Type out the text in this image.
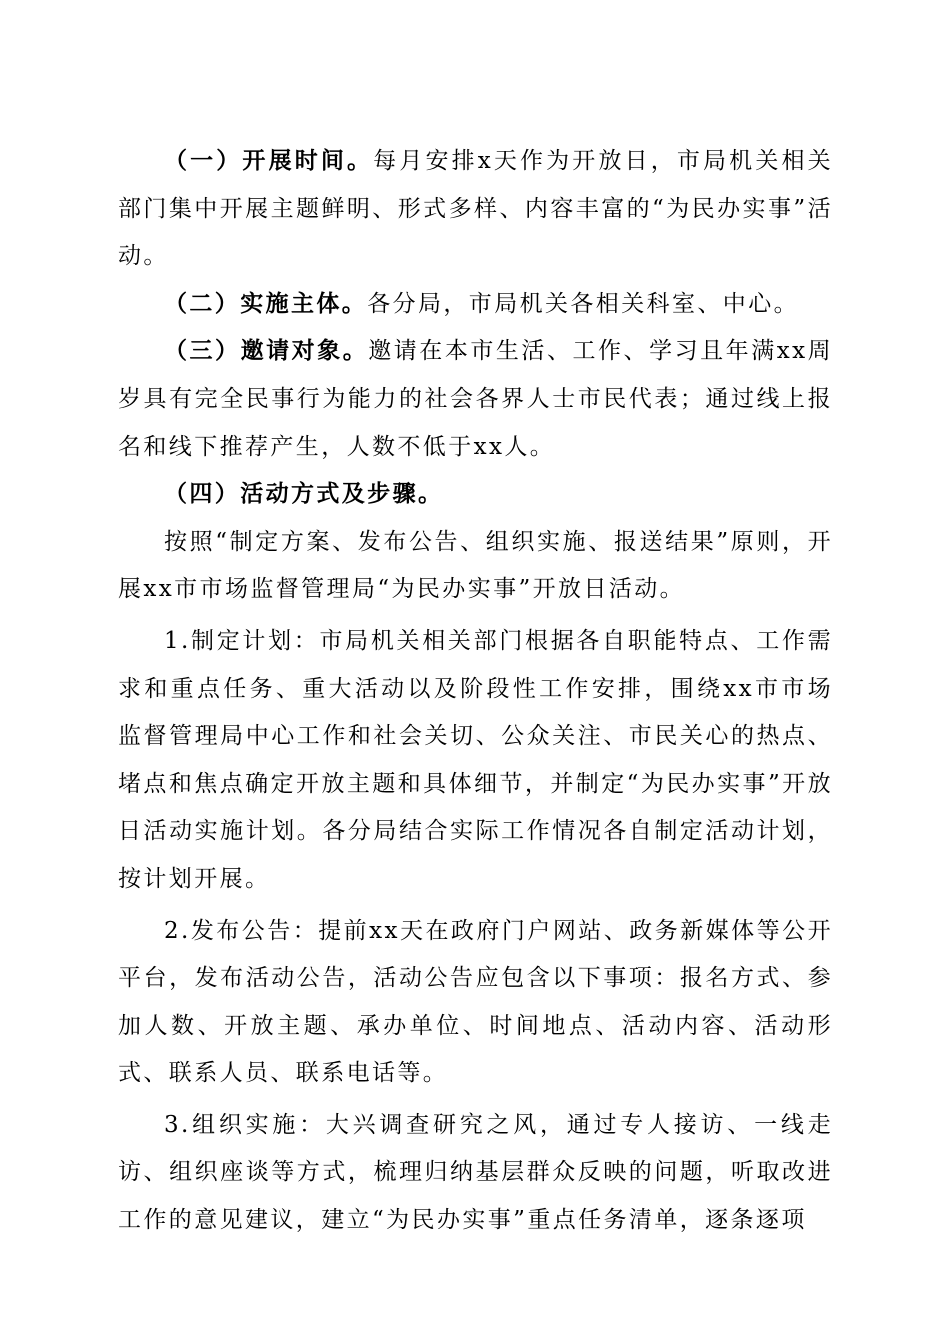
（一）开展时间。每月安排x天作为开放日，市局机关相关部门集中开展主题鲜明、形式多样、内容丰富的“为民办实事”活动。

（二）实施主体。各分局，市局机关各相关科室、中心。

（三）邀请对象。邀请在本市生活、工作、学习且年满xx周岁具有完全民事行为能力的社会各界人士市民代表；通过线上报名和线下推荐产生，人数不低于xx人。

（四）活动方式及步骤。

按照“制定方案、发布公告、组织实施、报送结果”原则，开展xx市市场监督管理局“为民办实事”开放日活动。

1.制定计划：市局机关相关部门根据各自职能特点、工作需求和重点任务、重大活动以及阶段性工作安排，围绕xx市市场监督管理局中心工作和社会关切、公众关注、市民关心的热点、堵点和焦点确定开放主题和具体细节，并制定“为民办实事”开放日活动实施计划。各分局结合实际工作情况各自制定活动计划，按计划开展。

2.发布公告：提前xx天在政府门户网站、政务新媒体等公开平台，发布活动公告，活动公告应包含以下事项：报名方式、参加人数、开放主题、承办单位、时间地点、活动内容、活动形式、联系人员、联系电话等。

3.组织实施：大兴调查研究之风，通过专人接访、一线走访、组织座谈等方式，梳理归纳基层群众反映的问题，听取改进工作的意见建议，建立“为民办实事”重点任务清单，逐条逐项
